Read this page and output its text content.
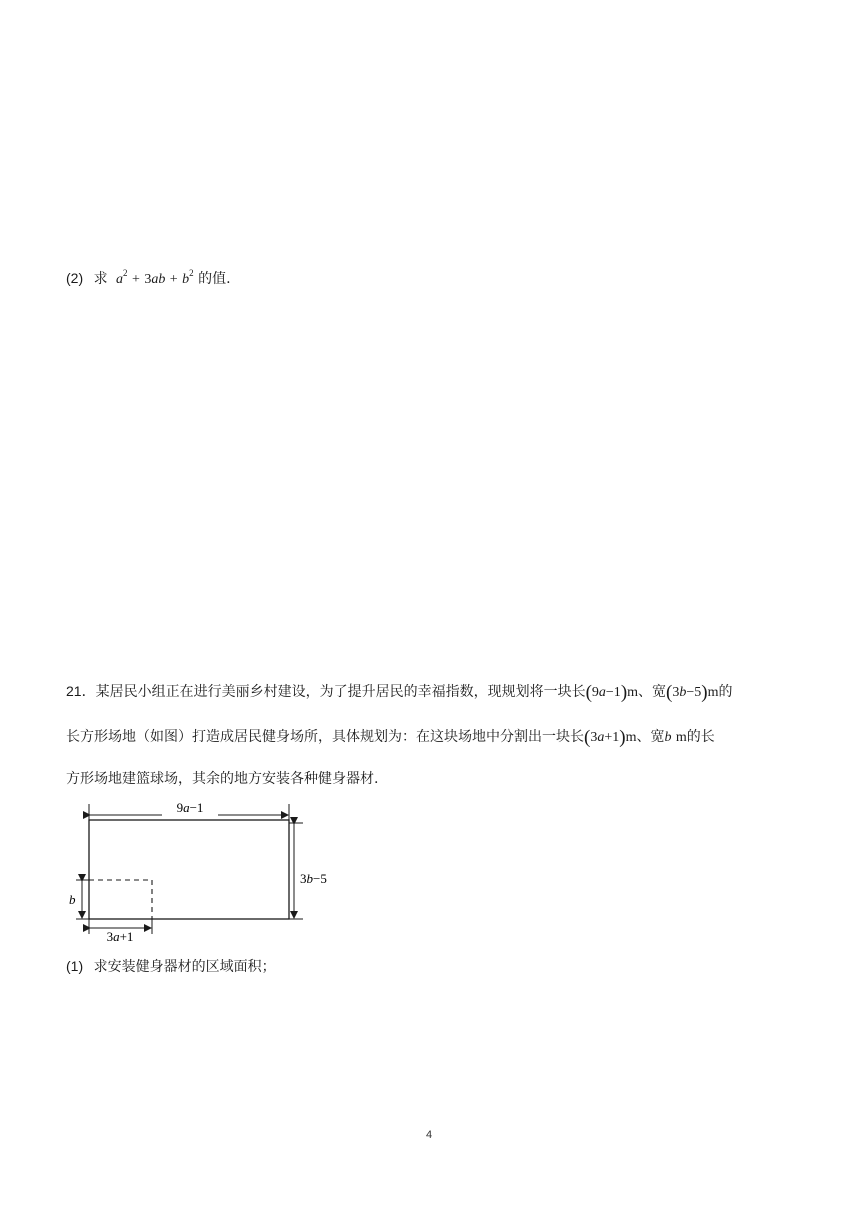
(2) 求 $a^2 + 3ab + b^2$ 的值.
21．某居民小组正在进行美丽乡村建设，为了提升居民的幸福指数，现规划将一块长(9a−1)m、宽(3b−5)m的
长方形场地（如图）打造成居民健身场所，具体规划为：在这块场地中分割出一块长(3a+1)m、宽b m的长
方形场地建篮球场，其余的地方安装各种健身器材.
9a−1
3b−5
b
3a+1
(1) 求安装健身器材的区域面积；
4
